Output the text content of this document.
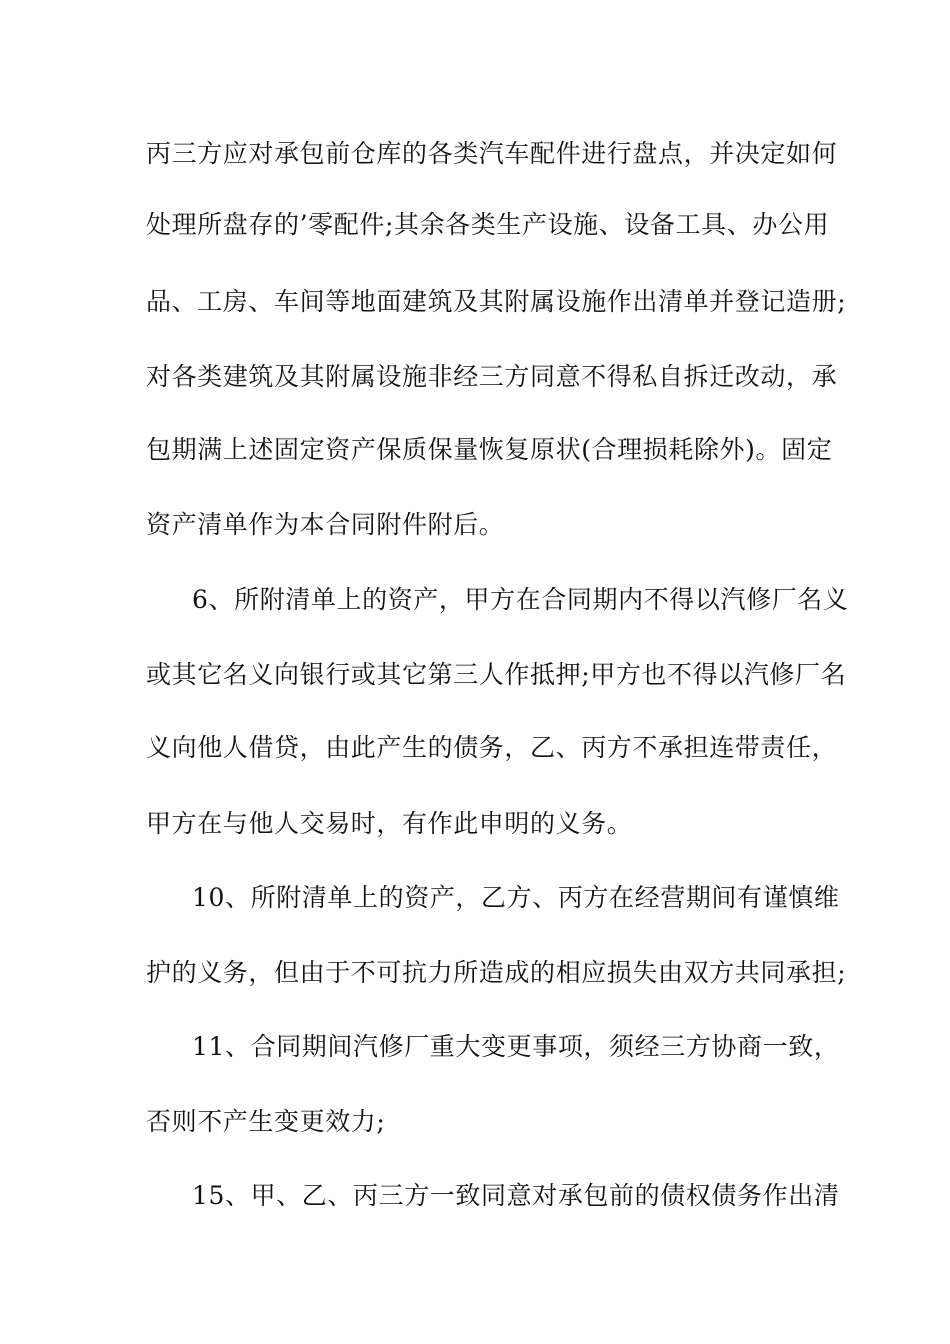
丙三方应对承包前仓库的各类汽车配件进行盘点，并决定如何
处理所盘存的’零配件;其余各类生产设施、设备工具、办公用
品、工房、车间等地面建筑及其附属设施作出清单并登记造册;
对各类建筑及其附属设施非经三方同意不得私自拆迁改动，承
包期满上述固定资产保质保量恢复原状(合理损耗除外)。固定
资产清单作为本合同附件附后。
6、所附清单上的资产，甲方在合同期内不得以汽修厂名义
或其它名义向银行或其它第三人作抵押;甲方也不得以汽修厂名
义向他人借贷，由此产生的债务，乙、丙方不承担连带责任，
甲方在与他人交易时，有作此申明的义务。
10、所附清单上的资产，乙方、丙方在经营期间有谨慎维
护的义务，但由于不可抗力所造成的相应损失由双方共同承担;
11、合同期间汽修厂重大变更事项，须经三方协商一致，
否则不产生变更效力;
15、甲、乙、丙三方一致同意对承包前的债权债务作出清
